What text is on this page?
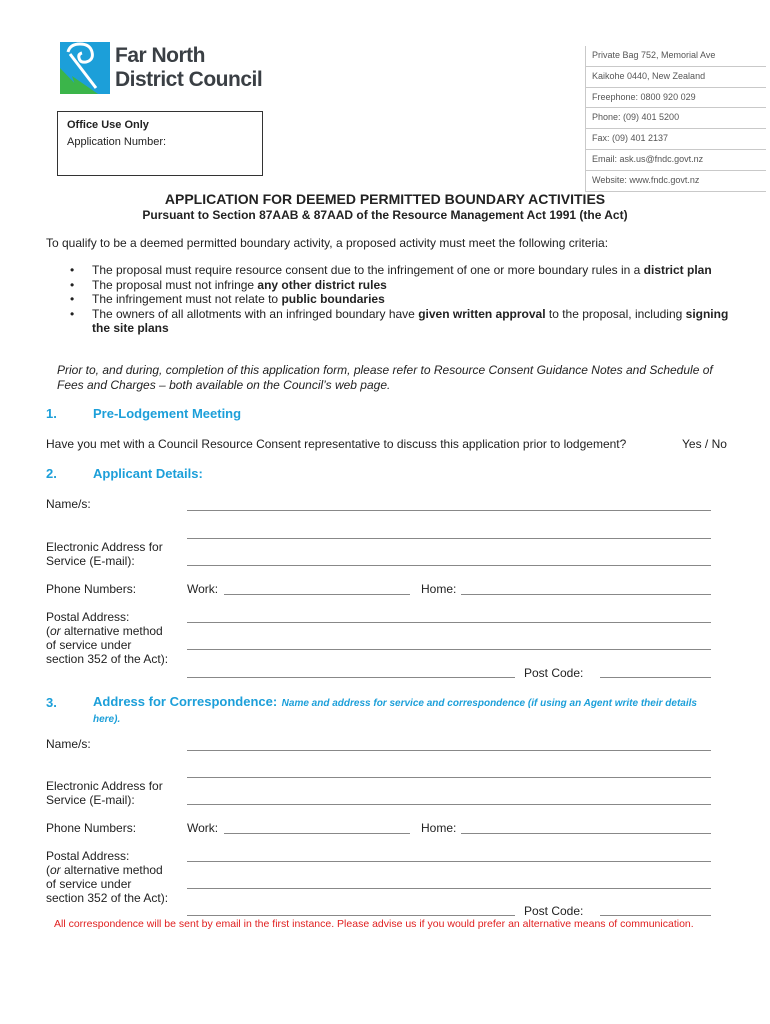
Far North
District Council
Private Bag 752, Memorial Ave
Kaikohe 0440, New Zealand
Freephone: 0800 920 029
Phone: (09) 401 5200
Fax: (09) 401 2137
Email: ask.us@fndc.govt.nz
Website: www.fndc.govt.nz
Office Use Only
Application Number:
APPLICATION FOR DEEMED PERMITTED BOUNDARY ACTIVITIES
Pursuant to Section 87AAB & 87AAD of the Resource Management Act 1991 (the Act)
To qualify to be a deemed permitted boundary activity, a proposed activity must meet the following criteria:
•	The proposal must require resource consent due to the infringement of one or more boundary rules in a district plan
•	The proposal must not infringe any other district rules
•	The infringement must not relate to public boundaries
•	The owners of all allotments with an infringed boundary have given written approval to the proposal, including signing the site plans
Prior to, and during, completion of this application form, please refer to Resource Consent Guidance Notes and Schedule of Fees and Charges – both available on the Council’s web page.
1.	Pre-Lodgement Meeting
Have you met with a Council Resource Consent representative to discuss this application prior to lodgement?	Yes / No
2.	Applicant Details:
Name/s:
Electronic Address for
Service (E-mail):
Phone Numbers:	Work:	Home:
Postal Address:
(or alternative method
of service under
section 352 of the Act):
Post Code:
3.	Address for Correspondence: Name and address for service and correspondence (if using an Agent write their details here).
Name/s:
Electronic Address for
Service (E-mail):
Phone Numbers:	Work:	Home:
Postal Address:
(or alternative method
of service under
section 352 of the Act):
Post Code:
All correspondence will be sent by email in the first instance. Please advise us if you would prefer an alternative means of communication.
